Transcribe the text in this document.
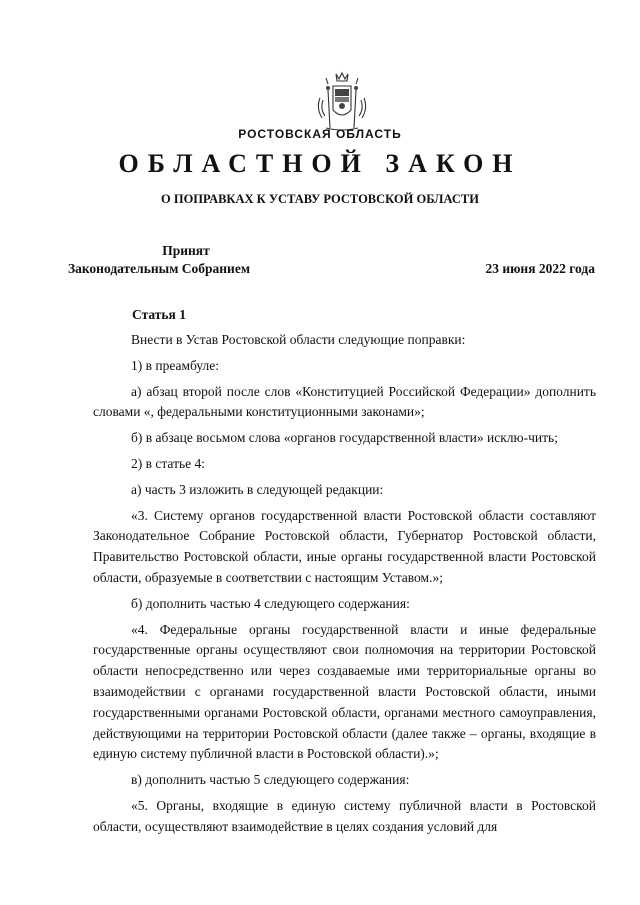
РОСТОВСКАЯ ОБЛАСТЬ
ОБЛАСТНОЙ ЗАКОН
О ПОПРАВКАХ К УСТАВУ РОСТОВСКОЙ ОБЛАСТИ
Принят
Законодательным Собранием	23 июня 2022 года
Статья 1

Внести в Устав Ростовской области следующие поправки:

1) в преамбуле:

а) абзац второй после слов «Конституцией Российской Федерации» дополнить словами «, федеральными конституционными законами»;

б) в абзаце восьмом слова «органов государственной власти» исклю-чить;

2) в статье 4:

а) часть 3 изложить в следующей редакции:

«3. Систему органов государственной власти Ростовской области составляют Законодательное Собрание Ростовской области, Губернатор Ростовской области, Правительство Ростовской области, иные органы государственной власти Ростовской области, образуемые в соответствии с настоящим Уставом.»;

б) дополнить частью 4 следующего содержания:

«4. Федеральные органы государственной власти и иные федеральные государственные органы осуществляют свои полномочия на территории Ростовской области непосредственно или через создаваемые ими территориальные органы во взаимодействии с органами государственной власти Ростовской области, иными государственными органами Ростовской области, органами местного самоуправления, действующими на территории Ростовской области (далее также – органы, входящие в единую систему публичной власти в Ростовской области).»;

в) дополнить частью 5 следующего содержания:

«5. Органы, входящие в единую систему публичной власти в Ростовской области, осуществляют взаимодействие в целях создания условий для
